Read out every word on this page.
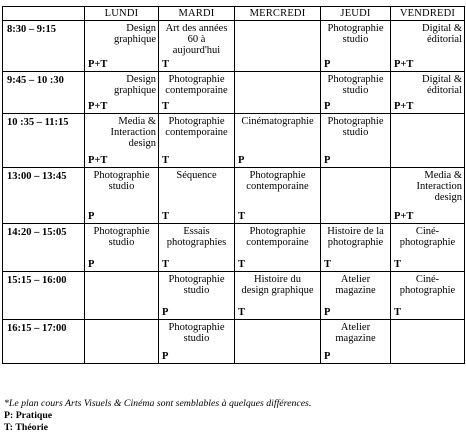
	LUNDI	MARDI	MERCREDI	JEUDI	VENDREDI
8:30 – 9:15	Design
graphique
P+T	Art des années
60 à
aujourd'hui
T		Photographie
studio
P	Digital &
éditorial
P+T

9:45 – 10 :30	Design
graphique
P+T	Photographie
contemporaine
T		Photographie
studio
P	Digital &
éditorial
P+T

10 :35 – 11:15	Media &
Interaction
design
P+T	Photographie
contemporaine
T	Cinématographie
P	Photographie
studio
P	

13:00 – 13:45	Photographie
studio
P	Séquence
T	Photographie
contemporaine
T		Media &
Interaction
design
P+T

14:20 – 15:05	Photographie
studio
P	Essais
photographies
T	Photographie
contemporaine
T	Histoire de la
photographie
T	Ciné-
photographie
T

15:15 – 16:00		Photographie
studio
P	Histoire du
design graphique
T	Atelier
magazine
P	Ciné-
photographie
T

16:15 – 17:00		Photographie
studio
P		Atelier
magazine
P	

*Le plan cours Arts Visuels & Cinéma sont semblables à quelques différences.
P: Pratique
T: Théorie
